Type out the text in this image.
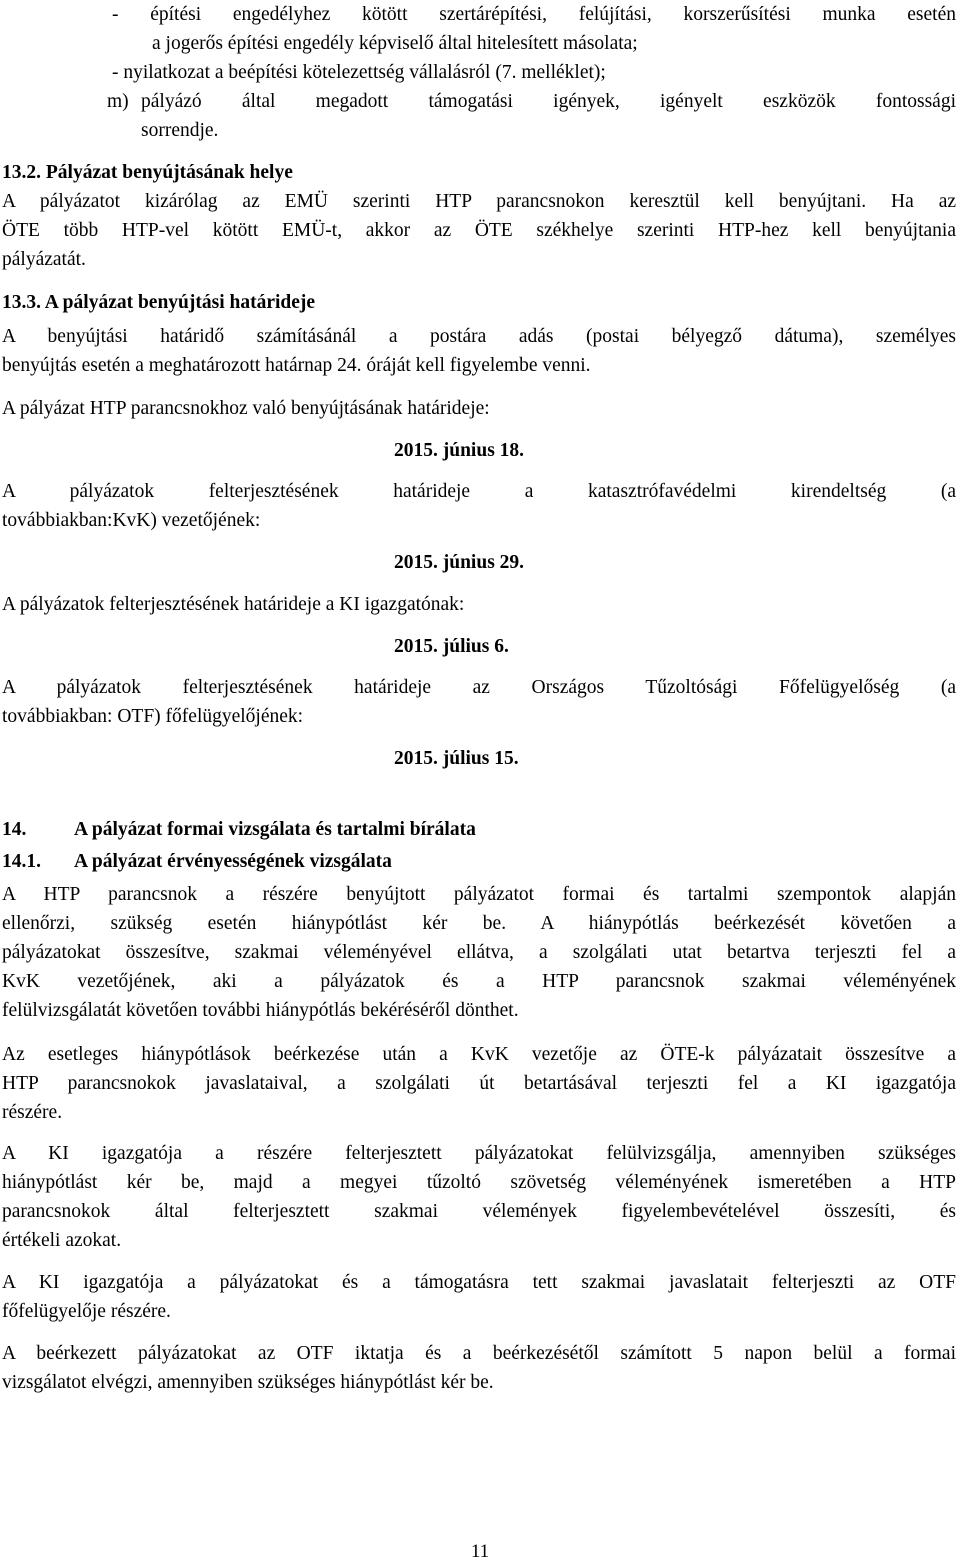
- építési engedélyhez kötött szertárépítési, felújítási, korszerűsítési munka esetén
a jogerős építési engedély képviselő által hitelesített másolata;
- nyilatkozat a beépítési kötelezettség vállalásról (7. melléklet);
m) pályázó által megadott támogatási igények, igényelt eszközök fontossági
sorrendje.
13.2. Pályázat benyújtásának helye
A pályázatot kizárólag az EMÜ szerinti HTP parancsnokon keresztül kell benyújtani. Ha az
ÖTE több HTP-vel kötött EMÜ-t, akkor az ÖTE székhelye szerinti HTP-hez kell benyújtania
pályázatát.
13.3. A pályázat benyújtási határideje
A benyújtási határidő számításánál a postára adás (postai bélyegző dátuma), személyes
benyújtás esetén a meghatározott határnap 24. óráját kell figyelembe venni.
A pályázat HTP parancsnokhoz való benyújtásának határideje:
2015. június 18.
A pályázatok felterjesztésének határideje a katasztrófavédelmi kirendeltség (a
továbbiakban:KvK) vezetőjének:
2015. június 29.
A pályázatok felterjesztésének határideje a KI igazgatónak:
2015. július 6.
A pályázatok felterjesztésének határideje az Országos Tűzoltósági Főfelügyelőség (a
továbbiakban: OTF) főfelügyelőjének:
2015. július 15.
14. A pályázat formai vizsgálata és tartalmi bírálata
14.1. A pályázat érvényességének vizsgálata
A HTP parancsnok a részére benyújtott pályázatot formai és tartalmi szempontok alapján
ellenőrzi, szükség esetén hiánypótlást kér be. A hiánypótlás beérkezését követően a
pályázatokat összesítve, szakmai véleményével ellátva, a szolgálati utat betartva terjeszti fel a
KvK vezetőjének, aki a pályázatok és a HTP parancsnok szakmai véleményének
felülvizsgálatát követően további hiánypótlás bekéréséről dönthet.
Az esetleges hiánypótlások beérkezése után a KvK vezetője az ÖTE-k pályázatait összesítve a
HTP parancsnokok javaslataival, a szolgálati út betartásával terjeszti fel a KI igazgatója
részére.
A KI igazgatója a részére felterjesztett pályázatokat felülvizsgálja, amennyiben szükséges
hiánypótlást kér be, majd a megyei tűzoltó szövetség véleményének ismeretében a HTP
parancsnokok által felterjesztett szakmai vélemények figyelembevételével összesíti, és
értékeli azokat.
A KI igazgatója a pályázatokat és a támogatásra tett szakmai javaslatait felterjeszti az OTF
főfelügyelője részére.
A beérkezett pályázatokat az OTF iktatja és a beérkezésétől számított 5 napon belül a formai
vizsgálatot elvégzi, amennyiben szükséges hiánypótlást kér be.
11
